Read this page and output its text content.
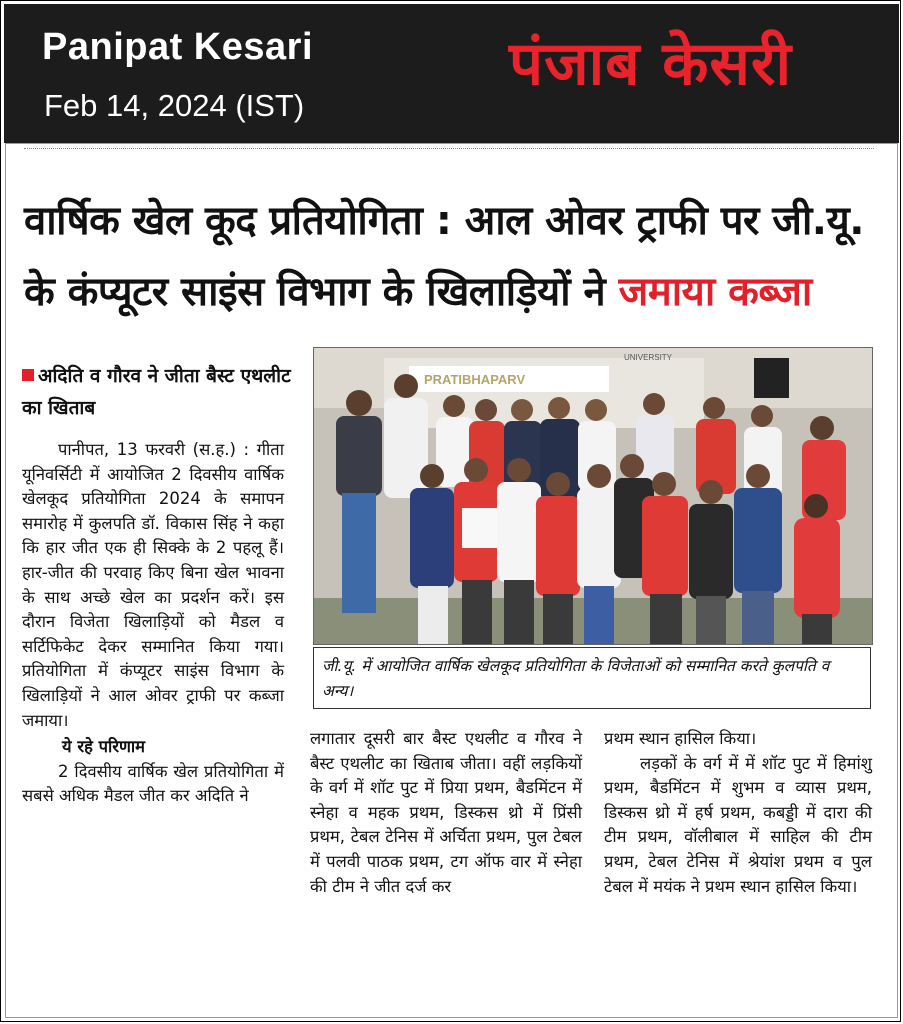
Panipat Kesari
Feb 14, 2024 (IST)
पंजाब केसरी
वार्षिक खेल कूद प्रतियोगिता : आल ओवर ट्राफी पर जी.यू.
के कंप्यूटर साइंस विभाग के खिलाड़ियों ने जमाया कब्जा
अदिति व गौरव ने जीता बैस्ट एथलीट का खिताब

पानीपत, 13 फरवरी (स.ह.) : गीता यूनिवर्सिटी में आयोजित 2 दिवसीय वार्षिक खेलकूद प्रतियोगिता 2024 के समापन समारोह में कुलपति डॉ. विकास सिंह ने कहा कि हार जीत एक ही सिक्के के 2 पहलू हैं। हार-जीत की परवाह किए बिना खेल भावना के साथ अच्छे खेल का प्रदर्शन करें। इस दौरान विजेता खिलाड़ियों को मैडल व सर्टिफिकेट देकर सम्मानित किया गया। प्रतियोगिता में कंप्यूटर साइंस विभाग के खिलाड़ियों ने आल ओवर ट्राफी पर कब्जा जमाया।

ये रहे परिणाम

2 दिवसीय वार्षिक खेल प्रतियोगिता में सबसे अधिक मैडल जीत कर अदिति ने

PRATIBHAPARV
UNIVERSITY
जी.यू. में आयोजित वार्षिक खेलकूद प्रतियोगिता के विजेताओं को सम्मानित करते कुलपति व अन्य।

लगातार दूसरी बार बैस्ट एथलीट व गौरव ने बैस्ट एथलीट का खिताब जीता। वहीं लड़कियों के वर्ग में शॉट पुट में प्रिया प्रथम, बैडमिंटन में स्नेहा व महक प्रथम, डिस्कस थ्रो में प्रिंसी प्रथम, टेबल टेनिस में अर्चिता प्रथम, पुल टेबल में पलवी पाठक प्रथम, टग ऑफ वार में स्नेहा की टीम ने जीत दर्ज कर

प्रथम स्थान हासिल किया।

लड़कों के वर्ग में में शॉट पुट में हिमांशु प्रथम, बैडमिंटन में शुभम व व्यास प्रथम, डिस्कस थ्रो में हर्ष प्रथम, कबड्डी में दारा की टीम प्रथम, वॉलीबाल में साहिल की टीम प्रथम, टेबल टेनिस में श्रेयांश प्रथम व पुल टेबल में मयंक ने प्रथम स्थान हासिल किया।
